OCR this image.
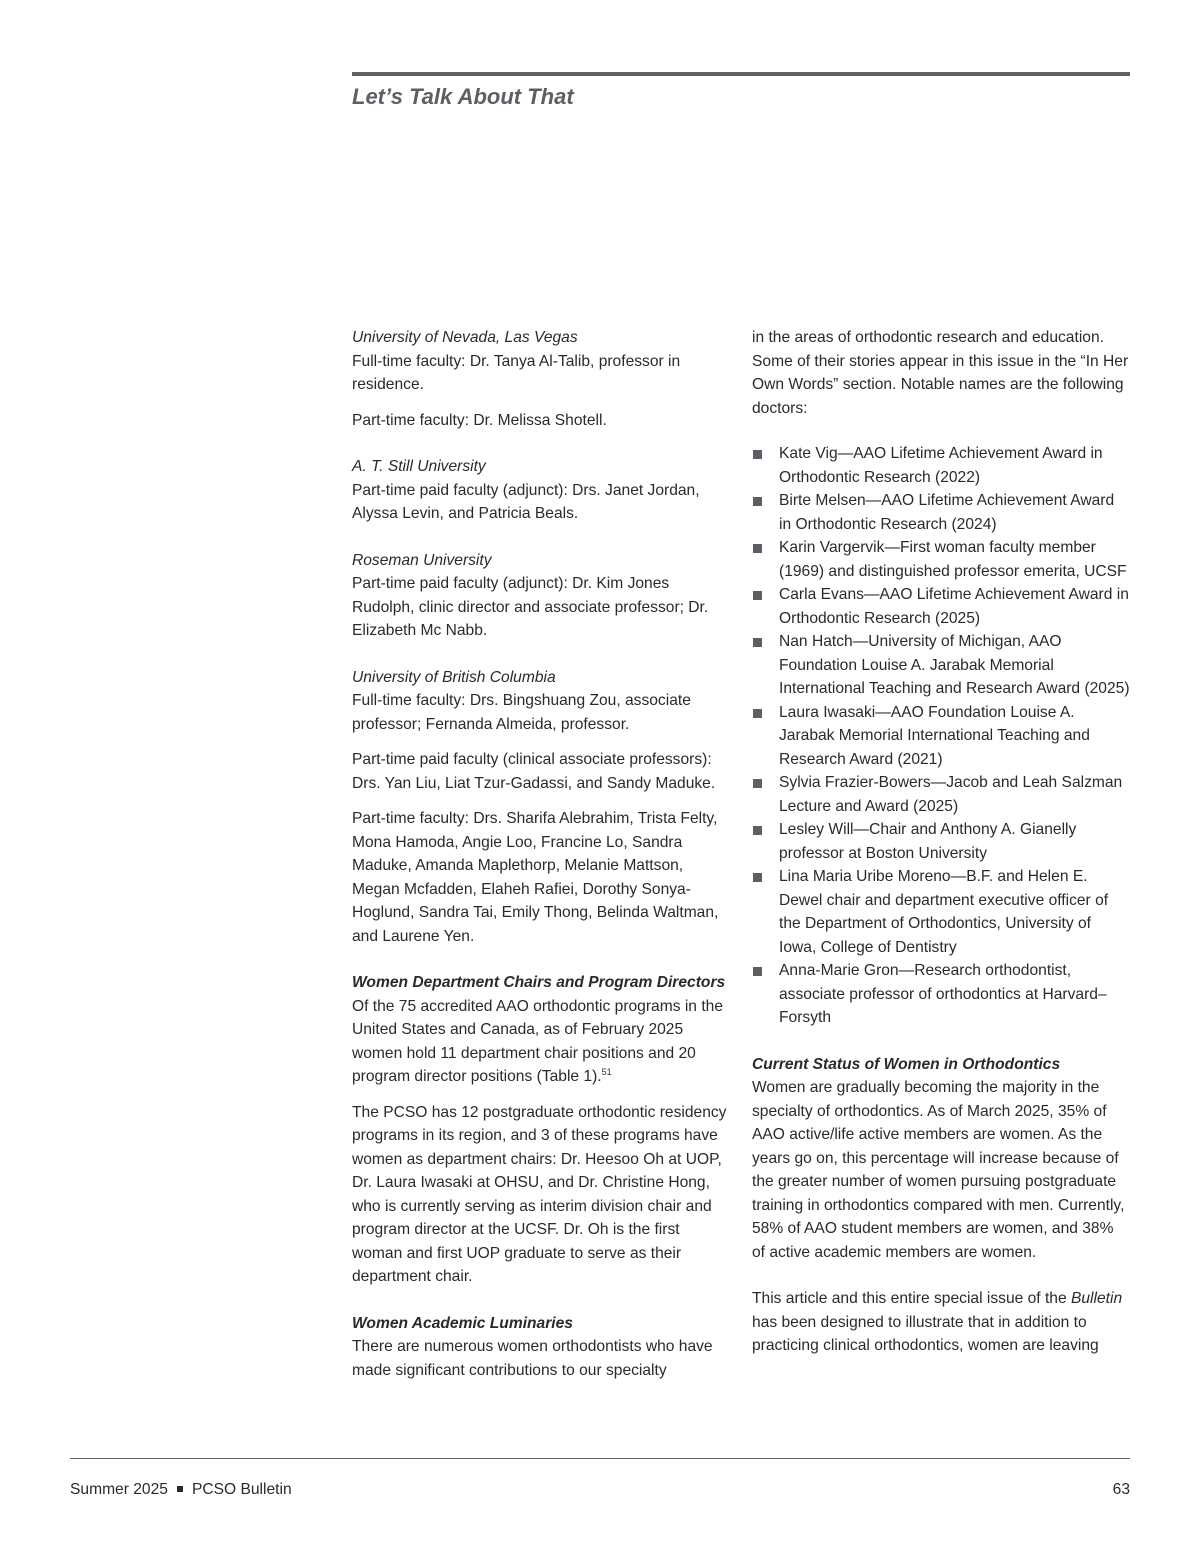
Let’s Talk About That

University of Nevada, Las Vegas

Full-time faculty: Dr. Tanya Al-Talib, professor in residence.

Part-time faculty: Dr. Melissa Shotell.

A. T. Still University

Part-time paid faculty (adjunct): Drs. Janet Jordan, Alyssa Levin, and Patricia Beals.

Roseman University

Part-time paid faculty (adjunct): Dr. Kim Jones Rudolph, clinic director and associate professor; Dr. Elizabeth Mc Nabb.

University of British Columbia

Full-time faculty: Drs. Bingshuang Zou, associate professor; Fernanda Almeida, professor.

Part-time paid faculty (clinical associate professors): Drs. Yan Liu, Liat Tzur-Gadassi, and Sandy Maduke.

Part-time faculty: Drs. Sharifa Alebrahim, Trista Felty, Mona Hamoda, Angie Loo, Francine Lo, Sandra Maduke, Amanda Maplethorp, Melanie Mattson, Megan Mcfadden, Elaheh Rafiei, Dorothy Sonya-Hoglund, Sandra Tai, Emily Thong, Belinda Waltman, and Laurene Yen.

Women Department Chairs and Program Directors

Of the 75 accredited AAO orthodontic programs in the United States and Canada, as of February 2025 women hold 11 department chair positions and 20 program director positions (Table 1).$^{51}$

The PCSO has 12 postgraduate orthodontic residency programs in its region, and 3 of these programs have women as department chairs: Dr. Heesoo Oh at UOP, Dr. Laura Iwasaki at OHSU, and Dr. Christine Hong, who is currently serving as interim division chair and program director at the UCSF. Dr. Oh is the first woman and first UOP graduate to serve as their department chair.

Women Academic Luminaries

There are numerous women orthodontists who have made significant contributions to our specialty

in the areas of orthodontic research and education. Some of their stories appear in this issue in the “In Her Own Words” section. Notable names are the following doctors:

Kate Vig—AAO Lifetime Achievement Award in Orthodontic Research (2022)
Birte Melsen—AAO Lifetime Achievement Award in Orthodontic Research (2024)
Karin Vargervik—First woman faculty member (1969) and distinguished professor emerita, UCSF
Carla Evans—AAO Lifetime Achievement Award in Orthodontic Research (2025)
Nan Hatch—University of Michigan, AAO Foundation Louise A. Jarabak Memorial International Teaching and Research Award (2025)
Laura Iwasaki—AAO Foundation Louise A. Jarabak Memorial International Teaching and Research Award (2021)
Sylvia Frazier-Bowers—Jacob and Leah Salzman Lecture and Award (2025)
Lesley Will—Chair and Anthony A. Gianelly professor at Boston University
Lina Maria Uribe Moreno—B.F. and Helen E. Dewel chair and department executive officer of the Department of Orthodontics, University of Iowa, College of Dentistry
Anna-Marie Gron—Research orthodontist, associate professor of orthodontics at Harvard–Forsyth

Current Status of Women in Orthodontics

Women are gradually becoming the majority in the specialty of orthodontics. As of March 2025, 35% of AAO active/life active members are women. As the years go on, this percentage will increase because of the greater number of women pursuing postgraduate training in orthodontics compared with men. Currently, 58% of AAO student members are women, and 38% of active academic members are women.

This article and this entire special issue of the Bulletin has been designed to illustrate that in addition to practicing clinical orthodontics, women are leaving

Summer 2025 PCSO Bulletin	63
